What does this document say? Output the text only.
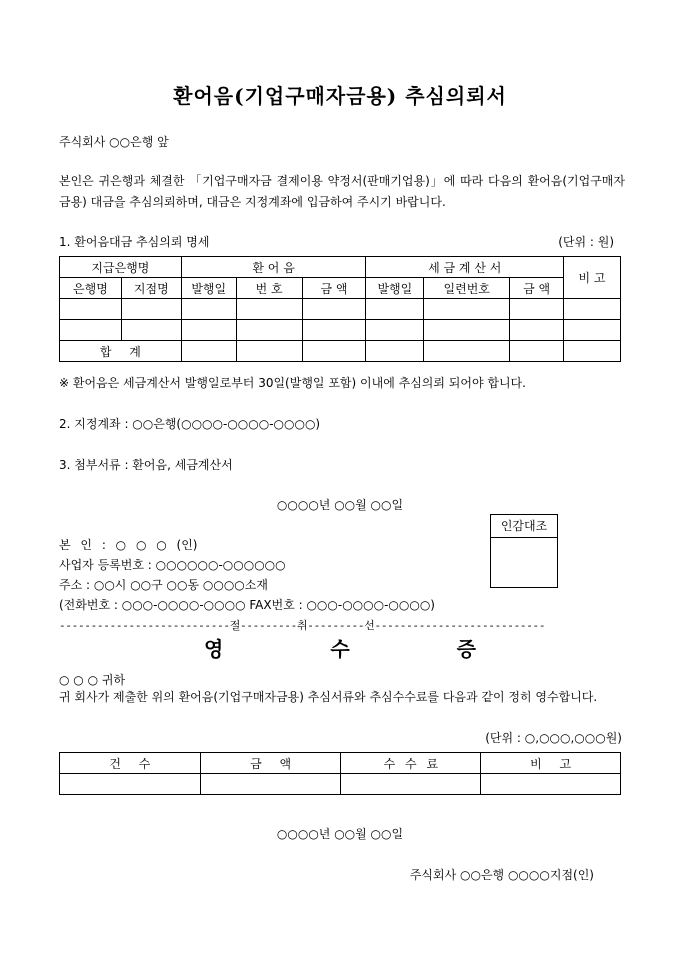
환어음(기업구매자금용) 추심의뢰서
주식회사 ○○은행 앞
본인은 귀은행과 체결한 「기업구매자금 결제이용 약정서(판매기업용)」에 따라 다음의 환어음(기업구매자금용) 대금을 추심의뢰하며, 대금은 지정계좌에 입금하여 주시기 바랍니다.
1. 환어음대금 추심의뢰 명세	(단위 : 원)
지급은행명		환 어 음			세 금 계 산 서			비 고
은행명	지점명	발행일	번 호	금 액	발행일	일련번호	금 액	

합 계								
※ 환어음은 세금계산서 발행일로부터 30일(발행일 포함) 이내에 추심의뢰 되어야 합니다.
2. 지정계좌 : ○○은행(○○○○-○○○○-○○○○)
3. 첨부서류 : 환어음, 세금계산서
○○○○년 ○○월 ○○일
인감대조
본 인 : ○ ○ ○ (인)
사업자 등록번호 : ○○○○○○-○○○○○○
주소 : ○○시 ○○구 ○○동 ○○○○소재
(전화번호 : ○○○-○○○○-○○○○ FAX번호 : ○○○-○○○○-○○○○)
---------------------------절---------취---------선---------------------------
영 수 증
○ ○ ○ 귀하
귀 회사가 제출한 위의 환어음(기업구매자금용) 추심서류와 추심수수료를 다음과 같이 정히 영수합니다.
(단위 : ○,○○○,○○○원)
건 수	금 액	수 수 료	비 고

○○○○년 ○○월 ○○일
주식회사 ○○은행 ○○○○지점(인)
